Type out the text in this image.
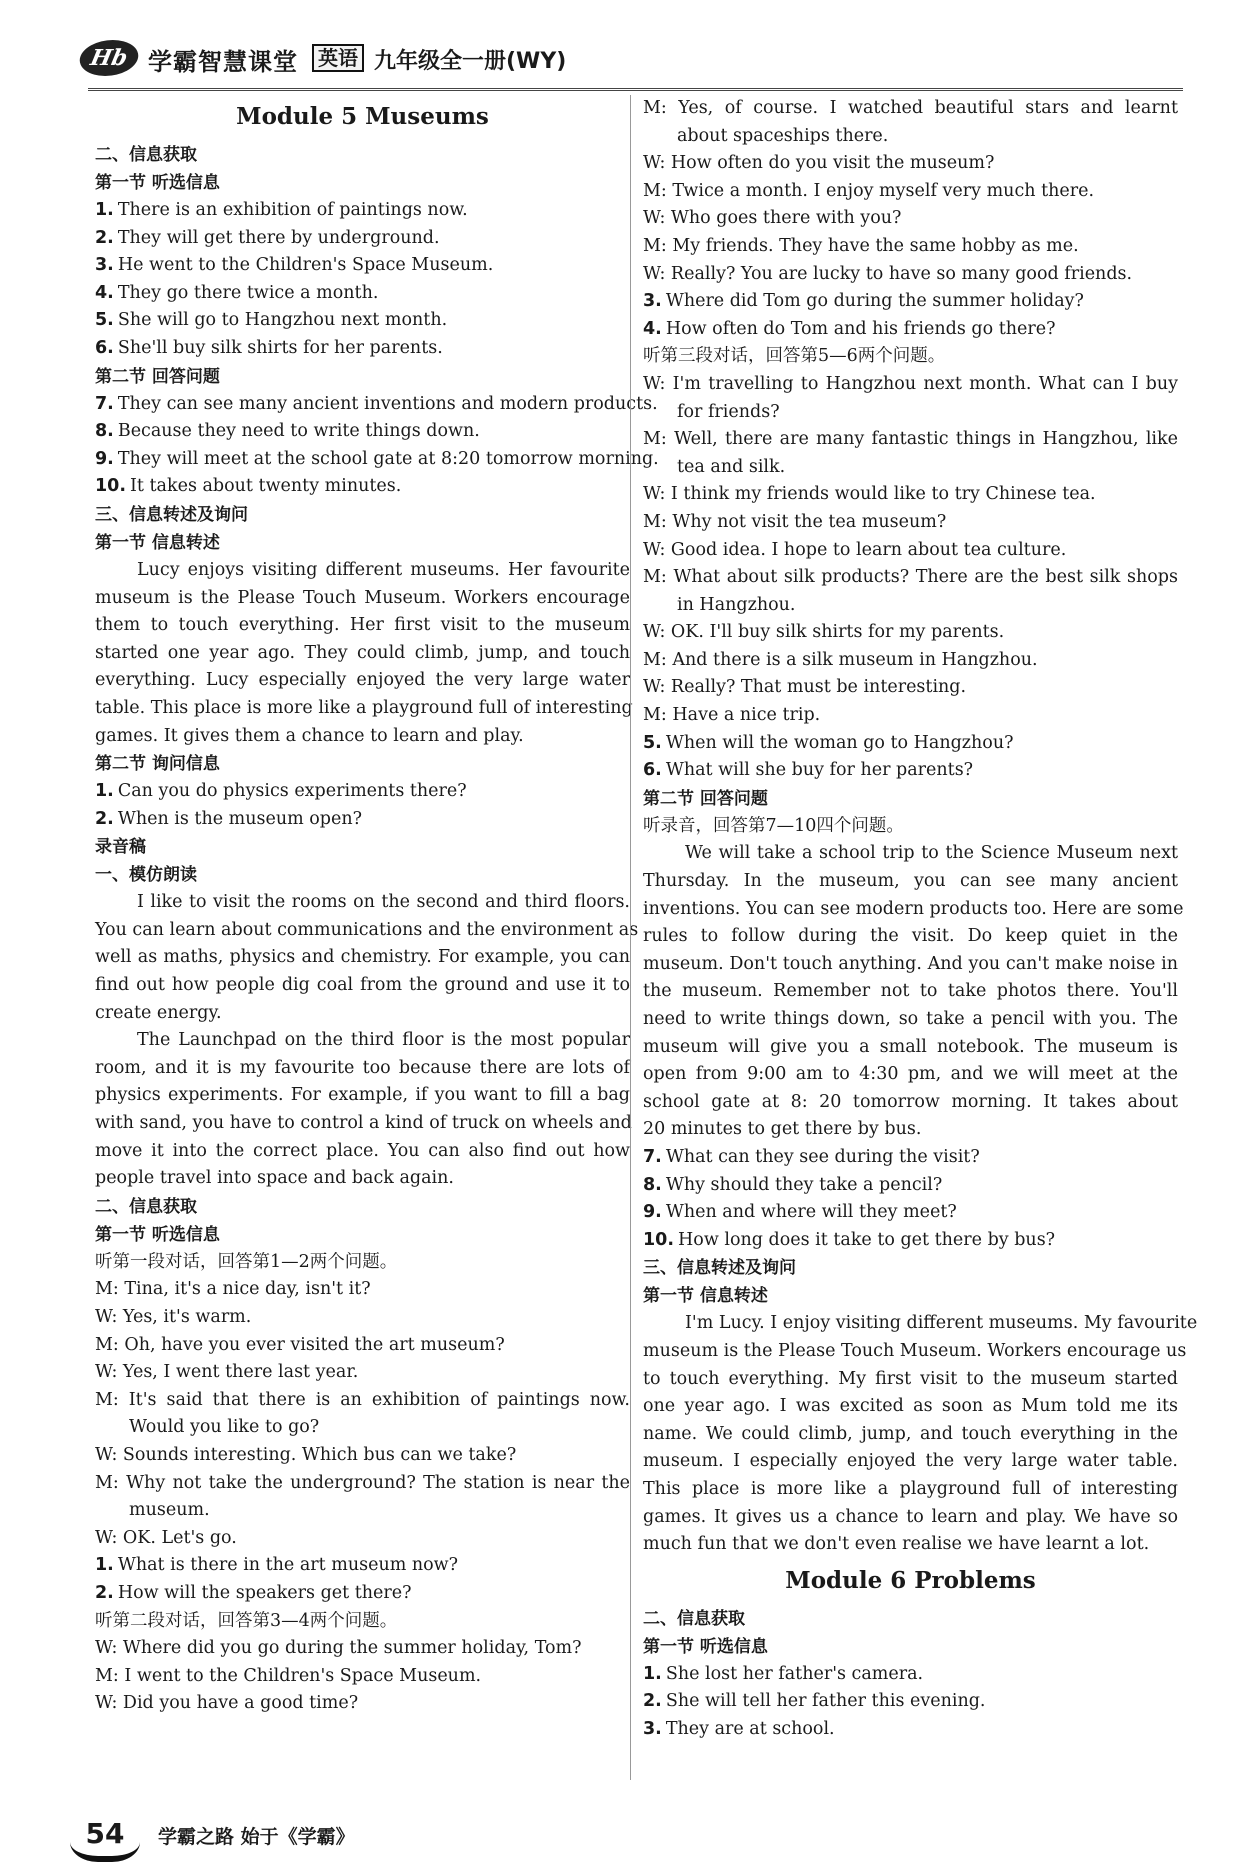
Hb 学霸智慧课堂	英语 九年级全一册(WY)
Module 5 Museums
二、信息获取
第一节 听选信息
1. There is an exhibition of paintings now.
2. They will get there by underground.
3. He went to the Children's Space Museum.
4. They go there twice a month.
5. She will go to Hangzhou next month.
6. She'll buy silk shirts for her parents.
第二节 回答问题
7. They can see many ancient inventions and modern products.
8. Because they need to write things down.
9. They will meet at the school gate at 8:20 tomorrow morning.
10. It takes about twenty minutes.
三、信息转述及询问
第一节 信息转述
Lucy enjoys visiting different museums. Her favourite
museum is the Please Touch Museum. Workers encourage
them to touch everything. Her first visit to the museum
started one year ago. They could climb, jump, and touch
everything. Lucy especially enjoyed the very large water
table. This place is more like a playground full of interesting
games. It gives them a chance to learn and play.
第二节 询问信息
1. Can you do physics experiments there?
2. When is the museum open?
录音稿
一、模仿朗读
I like to visit the rooms on the second and third floors.
You can learn about communications and the environment as
well as maths, physics and chemistry. For example, you can
find out how people dig coal from the ground and use it to
create energy.
The Launchpad on the third floor is the most popular
room, and it is my favourite too because there are lots of
physics experiments. For example, if you want to fill a bag
with sand, you have to control a kind of truck on wheels and
move it into the correct place. You can also find out how
people travel into space and back again.
二、信息获取
第一节 听选信息
听第一段对话，回答第1—2两个问题。
M: Tina, it's a nice day, isn't it?
W: Yes, it's warm.
M: Oh, have you ever visited the art museum?
W: Yes, I went there last year.
M: It's said that there is an exhibition of paintings now.
Would you like to go?
W: Sounds interesting. Which bus can we take?
M: Why not take the underground? The station is near the
museum.
W: OK. Let's go.
1. What is there in the art museum now?
2. How will the speakers get there?
听第二段对话，回答第3—4两个问题。
W: Where did you go during the summer holiday, Tom?
M: I went to the Children's Space Museum.
W: Did you have a good time?
M: Yes, of course. I watched beautiful stars and learnt
about spaceships there.
W: How often do you visit the museum?
M: Twice a month. I enjoy myself very much there.
W: Who goes there with you?
M: My friends. They have the same hobby as me.
W: Really? You are lucky to have so many good friends.
3. Where did Tom go during the summer holiday?
4. How often do Tom and his friends go there?
听第三段对话，回答第5—6两个问题。
W: I'm travelling to Hangzhou next month. What can I buy
for friends?
M: Well, there are many fantastic things in Hangzhou, like
tea and silk.
W: I think my friends would like to try Chinese tea.
M: Why not visit the tea museum?
W: Good idea. I hope to learn about tea culture.
M: What about silk products? There are the best silk shops
in Hangzhou.
W: OK. I'll buy silk shirts for my parents.
M: And there is a silk museum in Hangzhou.
W: Really? That must be interesting.
M: Have a nice trip.
5. When will the woman go to Hangzhou?
6. What will she buy for her parents?
第二节 回答问题
听录音，回答第7—10四个问题。
We will take a school trip to the Science Museum next
Thursday. In the museum, you can see many ancient
inventions. You can see modern products too. Here are some
rules to follow during the visit. Do keep quiet in the
museum. Don't touch anything. And you can't make noise in
the museum. Remember not to take photos there. You'll
need to write things down, so take a pencil with you. The
museum will give you a small notebook. The museum is
open from 9:00 am to 4:30 pm, and we will meet at the
school gate at 8: 20 tomorrow morning. It takes about
20 minutes to get there by bus.
7. What can they see during the visit?
8. Why should they take a pencil?
9. When and where will they meet?
10. How long does it take to get there by bus?
三、信息转述及询问
第一节 信息转述
I'm Lucy. I enjoy visiting different museums. My favourite
museum is the Please Touch Museum. Workers encourage us
to touch everything. My first visit to the museum started
one year ago. I was excited as soon as Mum told me its
name. We could climb, jump, and touch everything in the
museum. I especially enjoyed the very large water table.
This place is more like a playground full of interesting
games. It gives us a chance to learn and play. We have so
much fun that we don't even realise we have learnt a lot.
Module 6 Problems
二、信息获取
第一节 听选信息
1. She lost her father's camera.
2. She will tell her father this evening.
3. They are at school.
54	学霸之路 始于《学霸》
